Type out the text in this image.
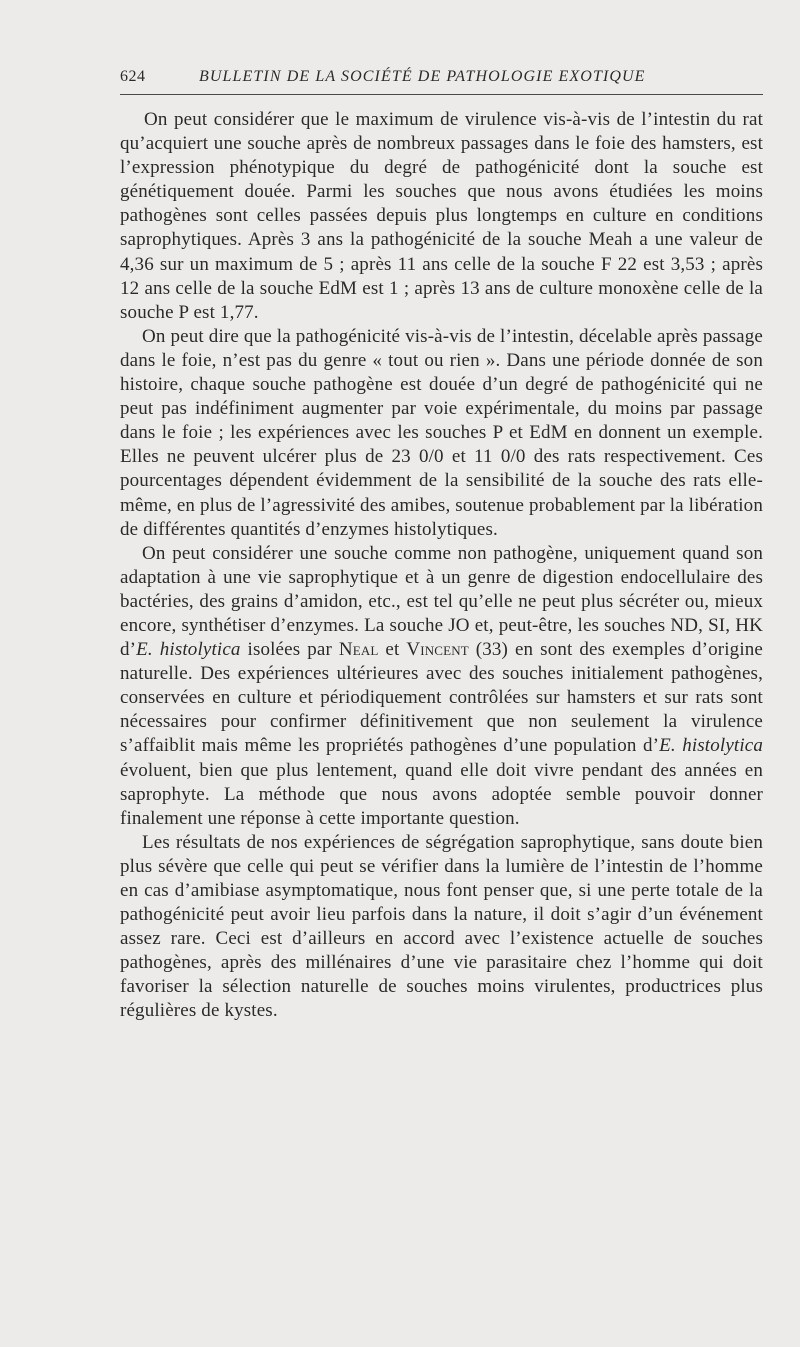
624	BULLETIN DE LA SOCIÉTÉ DE PATHOLOGIE EXOTIQUE

On peut considérer que le maximum de virulence vis-à-vis de l’intestin du rat qu’acquiert une souche après de nombreux passages dans le foie des hamsters, est l’expression phénotypique du degré de pathogénicité dont la souche est génétiquement douée. Parmi les souches que nous avons étudiées les moins pathogènes sont celles passées depuis plus longtemps en culture en conditions saprophytiques. Après 3 ans la pathogénicité de la souche Meah a une valeur de 4,36 sur un maximum de 5 ; après 11 ans celle de la souche F 22 est 3,53 ; après 12 ans celle de la souche EdM est 1 ; après 13 ans de culture monoxène celle de la souche P est 1,77.

On peut dire que la pathogénicité vis-à-vis de l’intestin, décelable après passage dans le foie, n’est pas du genre « tout ou rien ». Dans une période donnée de son histoire, chaque souche pathogène est douée d’un degré de pathogénicité qui ne peut pas indéfiniment augmenter par voie expérimentale, du moins par passage dans le foie ; les expériences avec les souches P et EdM en donnent un exemple. Elles ne peuvent ulcérer plus de 23 0/0 et 11 0/0 des rats respectivement. Ces pourcentages dépendent évidemment de la sensibilité de la souche des rats elle-même, en plus de l’agressivité des amibes, soutenue probablement par la libération de différentes quantités d’enzymes histolytiques.

On peut considérer une souche comme non pathogène, uniquement quand son adaptation à une vie saprophytique et à un genre de digestion endocellulaire des bactéries, des grains d’amidon, etc., est tel qu’elle ne peut plus sécréter ou, mieux encore, synthétiser d’enzymes. La souche JO et, peut-être, les souches ND, SI, HK d’E. histolytica isolées par Neal et Vincent (33) en sont des exemples d’origine naturelle. Des expériences ultérieures avec des souches initialement pathogènes, conservées en culture et périodiquement contrôlées sur hamsters et sur rats sont nécessaires pour confirmer définitivement que non seulement la virulence s’affaiblit mais même les propriétés pathogènes d’une population d’E. histolytica évoluent, bien que plus lentement, quand elle doit vivre pendant des années en saprophyte. La méthode que nous avons adoptée semble pouvoir donner finalement une réponse à cette importante question.

Les résultats de nos expériences de ségrégation saprophytique, sans doute bien plus sévère que celle qui peut se vérifier dans la lumière de l’intestin de l’homme en cas d’amibiase asymptomatique, nous font penser que, si une perte totale de la pathogénicité peut avoir lieu parfois dans la nature, il doit s’agir d’un événement assez rare. Ceci est d’ailleurs en accord avec l’existence actuelle de souches pathogènes, après des millénaires d’une vie parasitaire chez l’homme qui doit favoriser la sélection naturelle de souches moins virulentes, productrices plus régulières de kystes.
